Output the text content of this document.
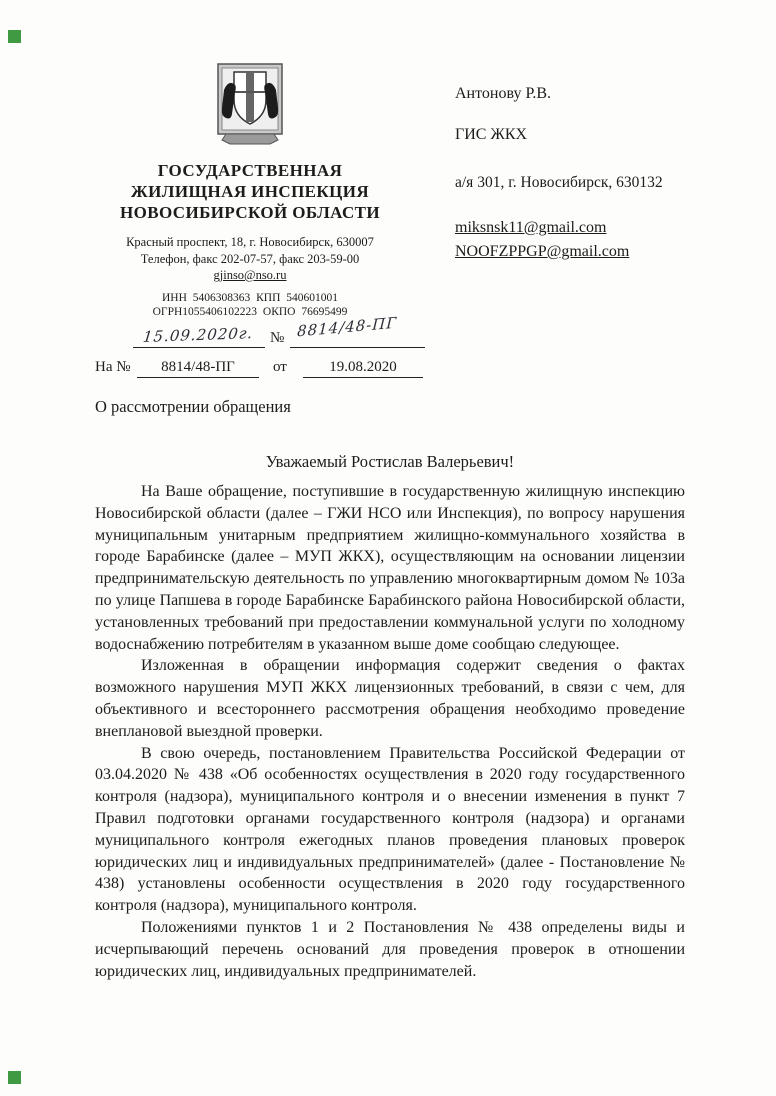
ГОСУДАРСТВЕННАЯ
ЖИЛИЩНАЯ ИНСПЕКЦИЯ
НОВОСИБИРСКОЙ ОБЛАСТИ
Красный проспект, 18, г. Новосибирск, 630007
Телефон, факс 202-07-57, факс 203-59-00
gjinso@nso.ru
ИНН 5406308363 КПП 540601001
ОГРН1055406102223 ОКПО 76695499
Антонову Р.В.
ГИС ЖКХ
а/я 301, г. Новосибирск, 630132
miksnsk11@gmail.com
NOOFZPPGP@gmail.com
15.09.2020г. № 8814/48-ПГ
На №	8814/48-ПГ	от	19.08.2020
О рассмотрении обращения
Уважаемый Ростислав Валерьевич!

На Ваше обращение, поступившие в государственную жилищную инспекцию Новосибирской области (далее – ГЖИ НСО или Инспекция), по вопросу нарушения муниципальным унитарным предприятием жилищно-коммунального хозяйства в городе Барабинске (далее – МУП ЖКХ), осуществляющим на основании лицензии предпринимательскую деятельность по управлению многоквартирным домом № 103а по улице Папшева в городе Барабинске Барабинского района Новосибирской области, установленных требований при предоставлении коммунальной услуги по холодному водоснабжению потребителям в указанном выше доме сообщаю следующее.

Изложенная в обращении информация содержит сведения о фактах возможного нарушения МУП ЖКХ лицензионных требований, в связи с чем, для объективного и всестороннего рассмотрения обращения необходимо проведение внеплановой выездной проверки.

В свою очередь, постановлением Правительства Российской Федерации от 03.04.2020 № 438 «Об особенностях осуществления в 2020 году государственного контроля (надзора), муниципального контроля и о внесении изменения в пункт 7 Правил подготовки органами государственного контроля (надзора) и органами муниципального контроля ежегодных планов проведения плановых проверок юридических лиц и индивидуальных предпринимателей» (далее - Постановление № 438) установлены особенности осуществления в 2020 году государственного контроля (надзора), муниципального контроля.

Положениями пунктов 1 и 2 Постановления № 438 определены виды и исчерпывающий перечень оснований для проведения проверок в отношении юридических лиц, индивидуальных предпринимателей.
